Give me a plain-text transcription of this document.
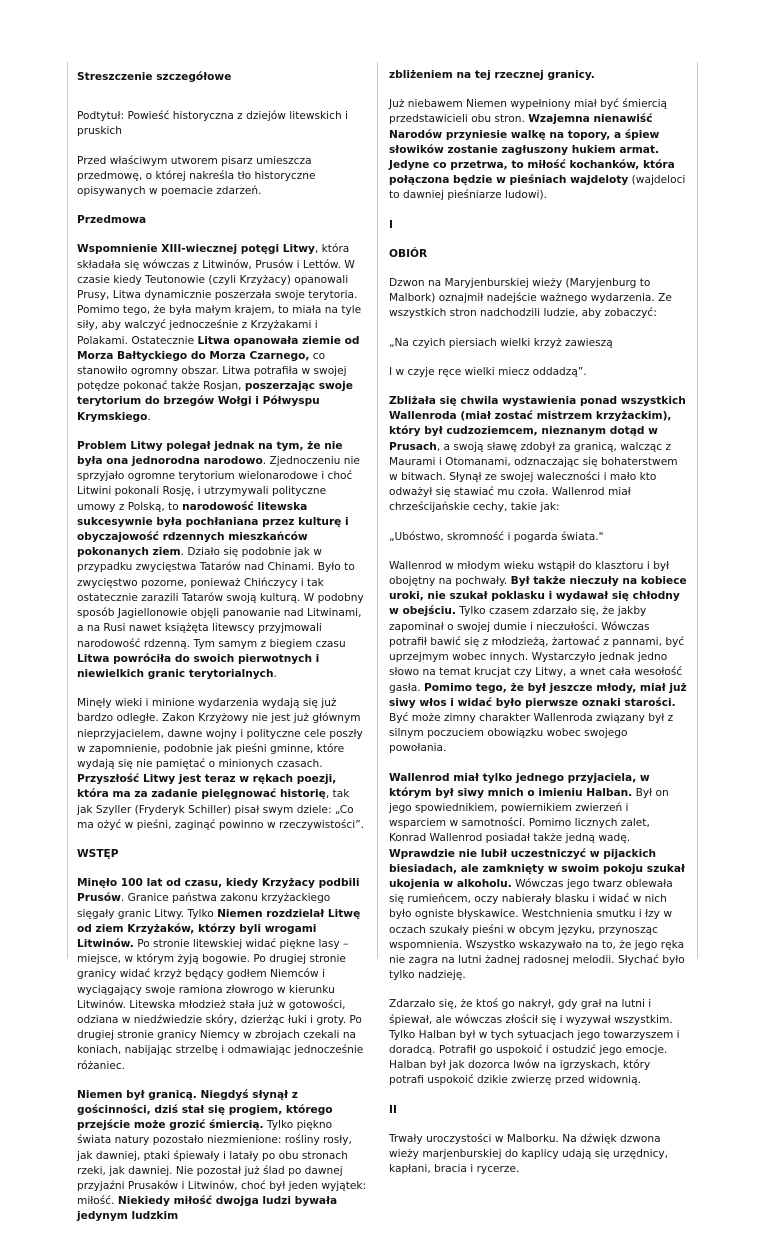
Streszczenie szczegółowe

Podtytuł: Powieść historyczna z dziejów litewskich i pruskich

Przed właściwym utworem pisarz umieszcza przedmowę, o której nakreśla tło historyczne opisywanych w poemacie zdarzeń.

Przedmowa

Wspomnienie XIII-wiecznej potęgi Litwy, która składała się wówczas z Litwinów, Prusów i Lettów. W czasie kiedy Teutonowie (czyli Krzyżacy) opanowali Prusy, Litwa dynamicznie poszerzała swoje terytoria. Pomimo tego, że była małym krajem, to miała na tyle siły, aby walczyć jednocześnie z Krzyżakami i Polakami. Ostatecznie Litwa opanowała ziemie od Morza Bałtyckiego do Morza Czarnego, co stanowiło ogromny obszar. Litwa potrafiła w swojej potędze pokonać także Rosjan, poszerzając swoje terytorium do brzegów Wołgi i Półwyspu Krymskiego.

Problem Litwy polegał jednak na tym, że nie była ona jednorodna narodowo. Zjednoczeniu nie sprzyjało ogromne terytorium wielonarodowe i choć Litwini pokonali Rosję, i utrzymywali polityczne umowy z Polską, to narodowość litewska sukcesywnie była pochłaniana przez kulturę i obyczajowość rdzennych mieszkańców pokonanych ziem. Działo się podobnie jak w przypadku zwycięstwa Tatarów nad Chinami. Było to zwycięstwo pozorne, ponieważ Chińczycy i tak ostatecznie zarazili Tatarów swoją kulturą. W podobny sposób Jagiellonowie objęli panowanie nad Litwinami, a na Rusi nawet książęta litewscy przyjmowali narodowość rdzenną. Tym samym z biegiem czasu Litwa powróciła do swoich pierwotnych i niewielkich granic terytorialnych.

Minęły wieki i minione wydarzenia wydają się już bardzo odległe. Zakon Krzyżowy nie jest już głównym nieprzyjacielem, dawne wojny i polityczne cele poszły w zapomnienie, podobnie jak pieśni gminne, które wydają się nie pamiętać o minionych czasach. Przyszłość Litwy jest teraz w rękach poezji, która ma za zadanie pielęgnować historię, tak jak Szyller (Fryderyk Schiller) pisał swym dziele: „Co ma ożyć w pieśni, zaginąć powinno w rzeczywistości”.

WSTĘP

Minęło 100 lat od czasu, kiedy Krzyżacy podbili Prusów. Granice państwa zakonu krzyżackiego sięgały granic Litwy. Tylko Niemen rozdzielał Litwę od ziem Krzyżaków, którzy byli wrogami Litwinów. Po stronie litewskiej widać piękne lasy – miejsce, w którym żyją bogowie. Po drugiej stronie granicy widać krzyż będący godłem Niemców i wyciągający swoje ramiona złowrogo w kierunku Litwinów. Litewska młodzież stała już w gotowości, odziana w niedźwiedzie skóry, dzierżąc łuki i groty. Po drugiej stronie granicy Niemcy w zbrojach czekali na koniach, nabijając strzelbę i odmawiając jednocześnie różaniec.

Niemen był granicą. Niegdyś słynął z gościnności, dziś stał się progiem, którego przejście może grozić śmiercią. Tylko piękno świata natury pozostało niezmienione: rośliny rosły, jak dawniej, ptaki śpiewały i latały po obu stronach rzeki, jak dawniej. Nie pozostał już ślad po dawnej przyjaźni Prusaków i Litwinów, choć był jeden wyjątek: miłość. Niekiedy miłość dwojga ludzi bywała jedynym ludzkim

zbliżeniem na tej rzecznej granicy.

Już niebawem Niemen wypełniony miał być śmiercią przedstawicieli obu stron. Wzajemna nienawiść Narodów przyniesie walkę na topory, a śpiew słowików zostanie zagłuszony hukiem armat. Jedyne co przetrwa, to miłość kochanków, która połączona będzie w pieśniach wajdeloty (wajdeloci to dawniej pieśniarze ludowi).

I

OBIÓR

Dzwon na Maryjenburskiej wieży (Maryjenburg to Malbork) oznajmił nadejście ważnego wydarzenia. Ze wszystkich stron nadchodzili ludzie, aby zobaczyć:

„Na czyich piersiach wielki krzyż zawieszą

I w czyje ręce wielki miecz oddadzą”.

Zbliżała się chwila wystawienia ponad wszystkich Wallenroda (miał zostać mistrzem krzyżackim), który był cudzoziemcem, nieznanym dotąd w Prusach, a swoją sławę zdobył za granicą, walcząc z Maurami i Otomanami, odznaczając się bohaterstwem w bitwach. Słynął ze swojej waleczności i mało kto odważył się stawiać mu czoła. Wallenrod miał chrześcijańskie cechy, takie jak:

„Ubóstwo, skromność i pogarda świata."

Wallenrod w młodym wieku wstąpił do klasztoru i był obojętny na pochwały. Był także nieczuły na kobiece uroki, nie szukał poklasku i wydawał się chłodny w obejściu. Tylko czasem zdarzało się, że jakby zapominał o swojej dumie i nieczułości. Wówczas potrafił bawić się z młodzieżą, żartować z pannami, być uprzejmym wobec innych. Wystarczyło jednak jedno słowo na temat krucjat czy Litwy, a wnet cała wesołość gasła. Pomimo tego, że był jeszcze młody, miał już siwy włos i widać było pierwsze oznaki starości. Być może zimny charakter Wallenroda związany był z silnym poczuciem obowiązku wobec swojego powołania.

Wallenrod miał tylko jednego przyjaciela, w którym był siwy mnich o imieniu Halban. Był on jego spowiednikiem, powiernikiem zwierzeń i wsparciem w samotności. Pomimo licznych zalet, Konrad Wallenrod posiadał także jedną wadę. Wprawdzie nie lubił uczestniczyć w pijackich biesiadach, ale zamknięty w swoim pokoju szukał ukojenia w alkoholu. Wówczas jego twarz oblewała się rumieńcem, oczy nabierały blasku i widać w nich było ogniste błyskawice. Westchnienia smutku i łzy w oczach szukały pieśni w obcym języku, przynosząc wspomnienia. Wszystko wskazywało na to, że jego ręka nie zagra na lutni żadnej radosnej melodii. Słychać było tylko nadzieję.

Zdarzało się, że ktoś go nakrył, gdy grał na lutni i śpiewał, ale wówczas złościł się i wyzywał wszystkim. Tylko Halban był w tych sytuacjach jego towarzyszem i doradcą. Potrafił go uspokoić i ostudzić jego emocje. Halban był jak dozorca lwów na igrzyskach, który potrafi uspokoić dzikie zwierzę przed widownią.

II

Trwały uroczystości w Malborku. Na dźwięk dzwona wieży marjenburskiej do kaplicy udają się urzędnicy, kapłani, bracia i rycerze.
